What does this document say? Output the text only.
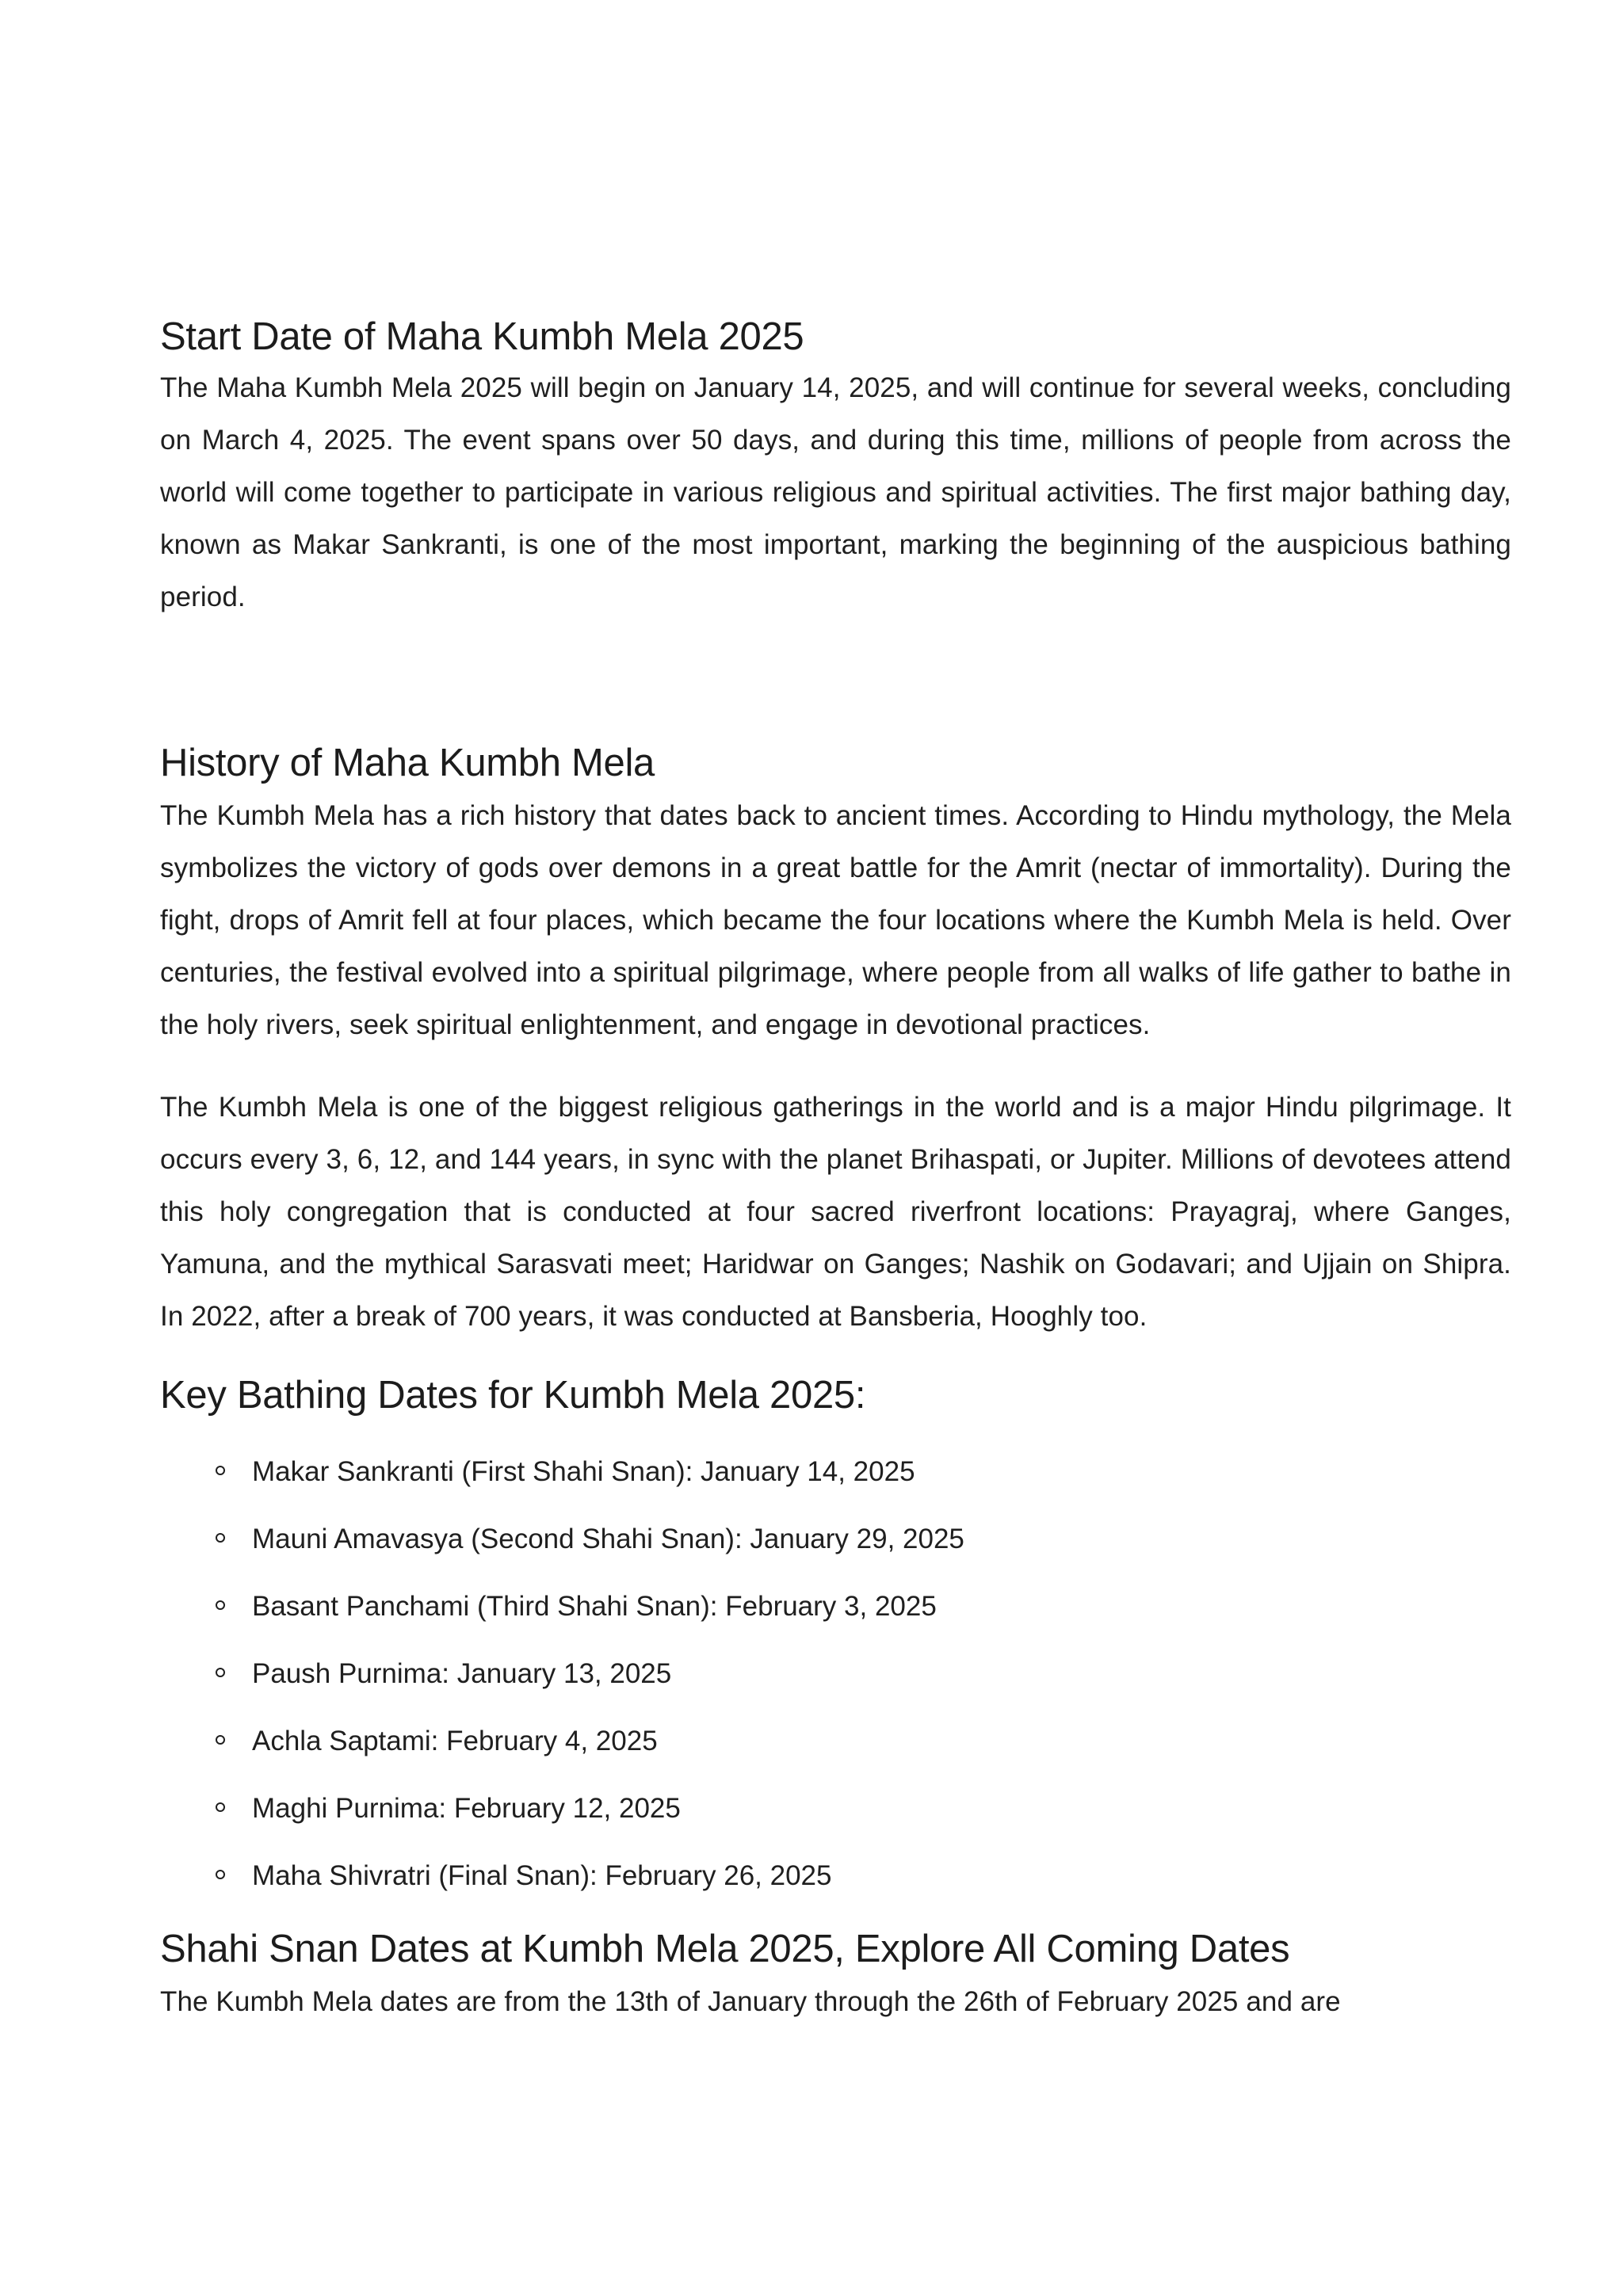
Start Date of Maha Kumbh Mela 2025

The Maha Kumbh Mela 2025 will begin on January 14, 2025, and will continue for several weeks, concluding on March 4, 2025. The event spans over 50 days, and during this time, millions of people from across the world will come together to participate in various religious and spiritual activities. The first major bathing day, known as Makar Sankranti, is one of the most important, marking the beginning of the auspicious bathing period.

History of Maha Kumbh Mela

The Kumbh Mela has a rich history that dates back to ancient times. According to Hindu mythology, the Mela symbolizes the victory of gods over demons in a great battle for the Amrit (nectar of immortality). During the fight, drops of Amrit fell at four places, which became the four locations where the Kumbh Mela is held. Over centuries, the festival evolved into a spiritual pilgrimage, where people from all walks of life gather to bathe in the holy rivers, seek spiritual enlightenment, and engage in devotional practices.

The Kumbh Mela is one of the biggest religious gatherings in the world and is a major Hindu pilgrimage. It occurs every 3, 6, 12, and 144 years, in sync with the planet Brihaspati, or Jupiter. Millions of devotees attend this holy congregation that is conducted at four sacred riverfront locations: Prayagraj, where Ganges, Yamuna, and the mythical Sarasvati meet; Haridwar on Ganges; Nashik on Godavari; and Ujjain on Shipra. In 2022, after a break of 700 years, it was conducted at Bansberia, Hooghly too.

Key Bathing Dates for Kumbh Mela 2025:
Makar Sankranti (First Shahi Snan): January 14, 2025
Mauni Amavasya (Second Shahi Snan): January 29, 2025
Basant Panchami (Third Shahi Snan): February 3, 2025
Paush Purnima: January 13, 2025
Achla Saptami: February 4, 2025
Maghi Purnima: February 12, 2025
Maha Shivratri (Final Snan): February 26, 2025
Shahi Snan Dates at Kumbh Mela 2025, Explore All Coming Dates

The Kumbh Mela dates are from the 13th of January through the 26th of February 2025 and are
